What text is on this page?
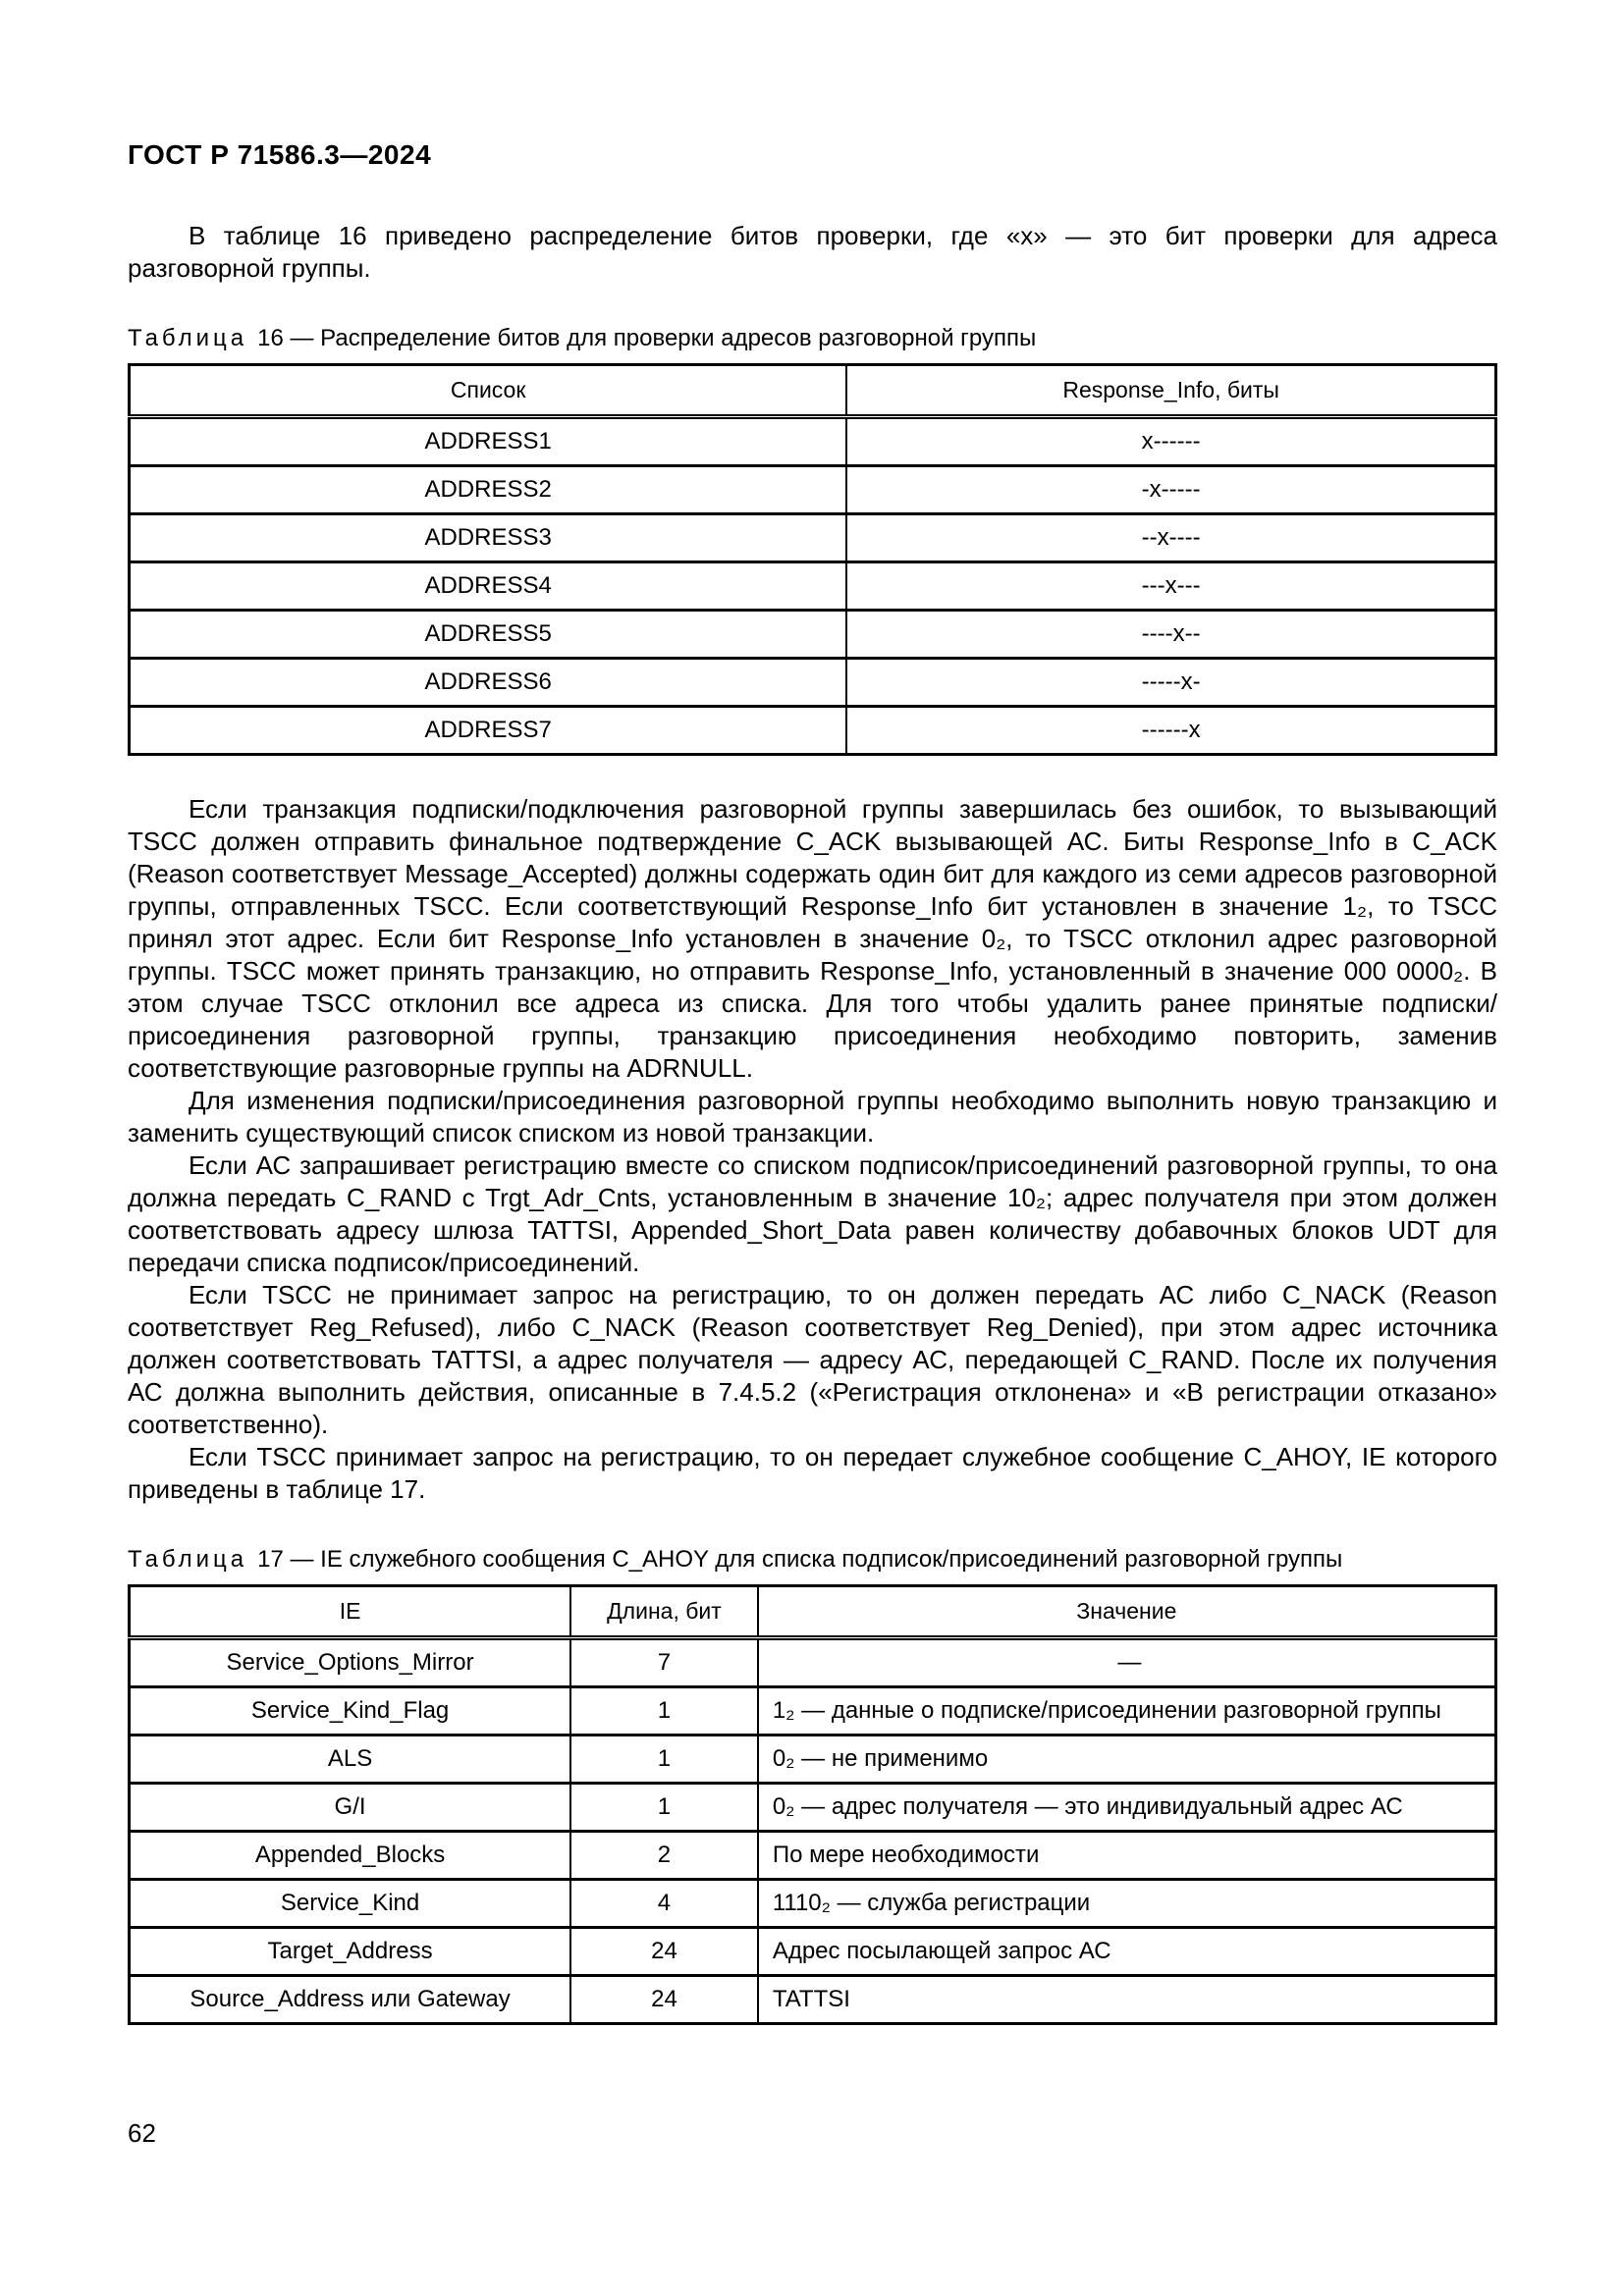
ГОСТ Р 71586.3—2024

В таблице 16 приведено распределение битов проверки, где «x» — это бит проверки для адреса разговорной группы.

Таблица 16 — Распределение битов для проверки адресов разговорной группы
Список	Response_Info, биты
ADDRESS1	x------
ADDRESS2	-x-----
ADDRESS3	--x----
ADDRESS4	---x---
ADDRESS5	----x--
ADDRESS6	-----x-
ADDRESS7	------x

Если транзакция подписки/подключения разговорной группы завершилась без ошибок, то вызывающий TSCC должен отправить финальное подтверждение C_ACK вызывающей АС. Биты Response_Info в C_ACK (Reason соответствует Message_Accepted) должны содержать один бит для каждого из семи адресов разговорной группы, отправленных TSCC. Если соответствующий Response_Info бит установлен в значение 1₂, то TSCC принял этот адрес. Если бит Response_Info установлен в значение 0₂, то TSCC отклонил адрес разговорной группы. TSCC может принять транзакцию, но отправить Response_Info, установленный в значение 000 0000₂. В этом случае TSCC отклонил все адреса из списка. Для того чтобы удалить ранее принятые подписки/присоединения разговорной группы, транзакцию присоединения необходимо повторить, заменив соответствующие разговорные группы на ADRNULL.

Для изменения подписки/присоединения разговорной группы необходимо выполнить новую транзакцию и заменить существующий список списком из новой транзакции.

Если АС запрашивает регистрацию вместе со списком подписок/присоединений разговорной группы, то она должна передать C_RAND с Trgt_Adr_Cnts, установленным в значение 10₂; адрес получателя при этом должен соответствовать адресу шлюза TATTSI, Appended_Short_Data равен количеству добавочных блоков UDT для передачи списка подписок/присоединений.

Если TSCC не принимает запрос на регистрацию, то он должен передать АС либо C_NACK (Reason соответствует Reg_Refused), либо C_NACK (Reason соответствует Reg_Denied), при этом адрес источника должен соответствовать TATTSI, а адрес получателя — адресу АС, передающей C_RAND. После их получения АС должна выполнить действия, описанные в 7.4.5.2 («Регистрация отклонена» и «В регистрации отказано» соответственно).

Если TSCC принимает запрос на регистрацию, то он передает служебное сообщение C_AHOY, IE которого приведены в таблице 17.

Таблица 17 — IE служебного сообщения C_AHOY для списка подписок/присоединений разговорной группы
IE	Длина, бит	Значение
Service_Options_Mirror	7	—
Service_Kind_Flag	1	1₂ — данные о подписке/присоединении разговорной группы
ALS	1	0₂ — не применимо
G/I	1	0₂ — адрес получателя — это индивидуальный адрес АС
Appended_Blocks	2	По мере необходимости
Service_Kind	4	1110₂ — служба регистрации
Target_Address	24	Адрес посылающей запрос АС
Source_Address или Gateway	24	TATTSI
62
